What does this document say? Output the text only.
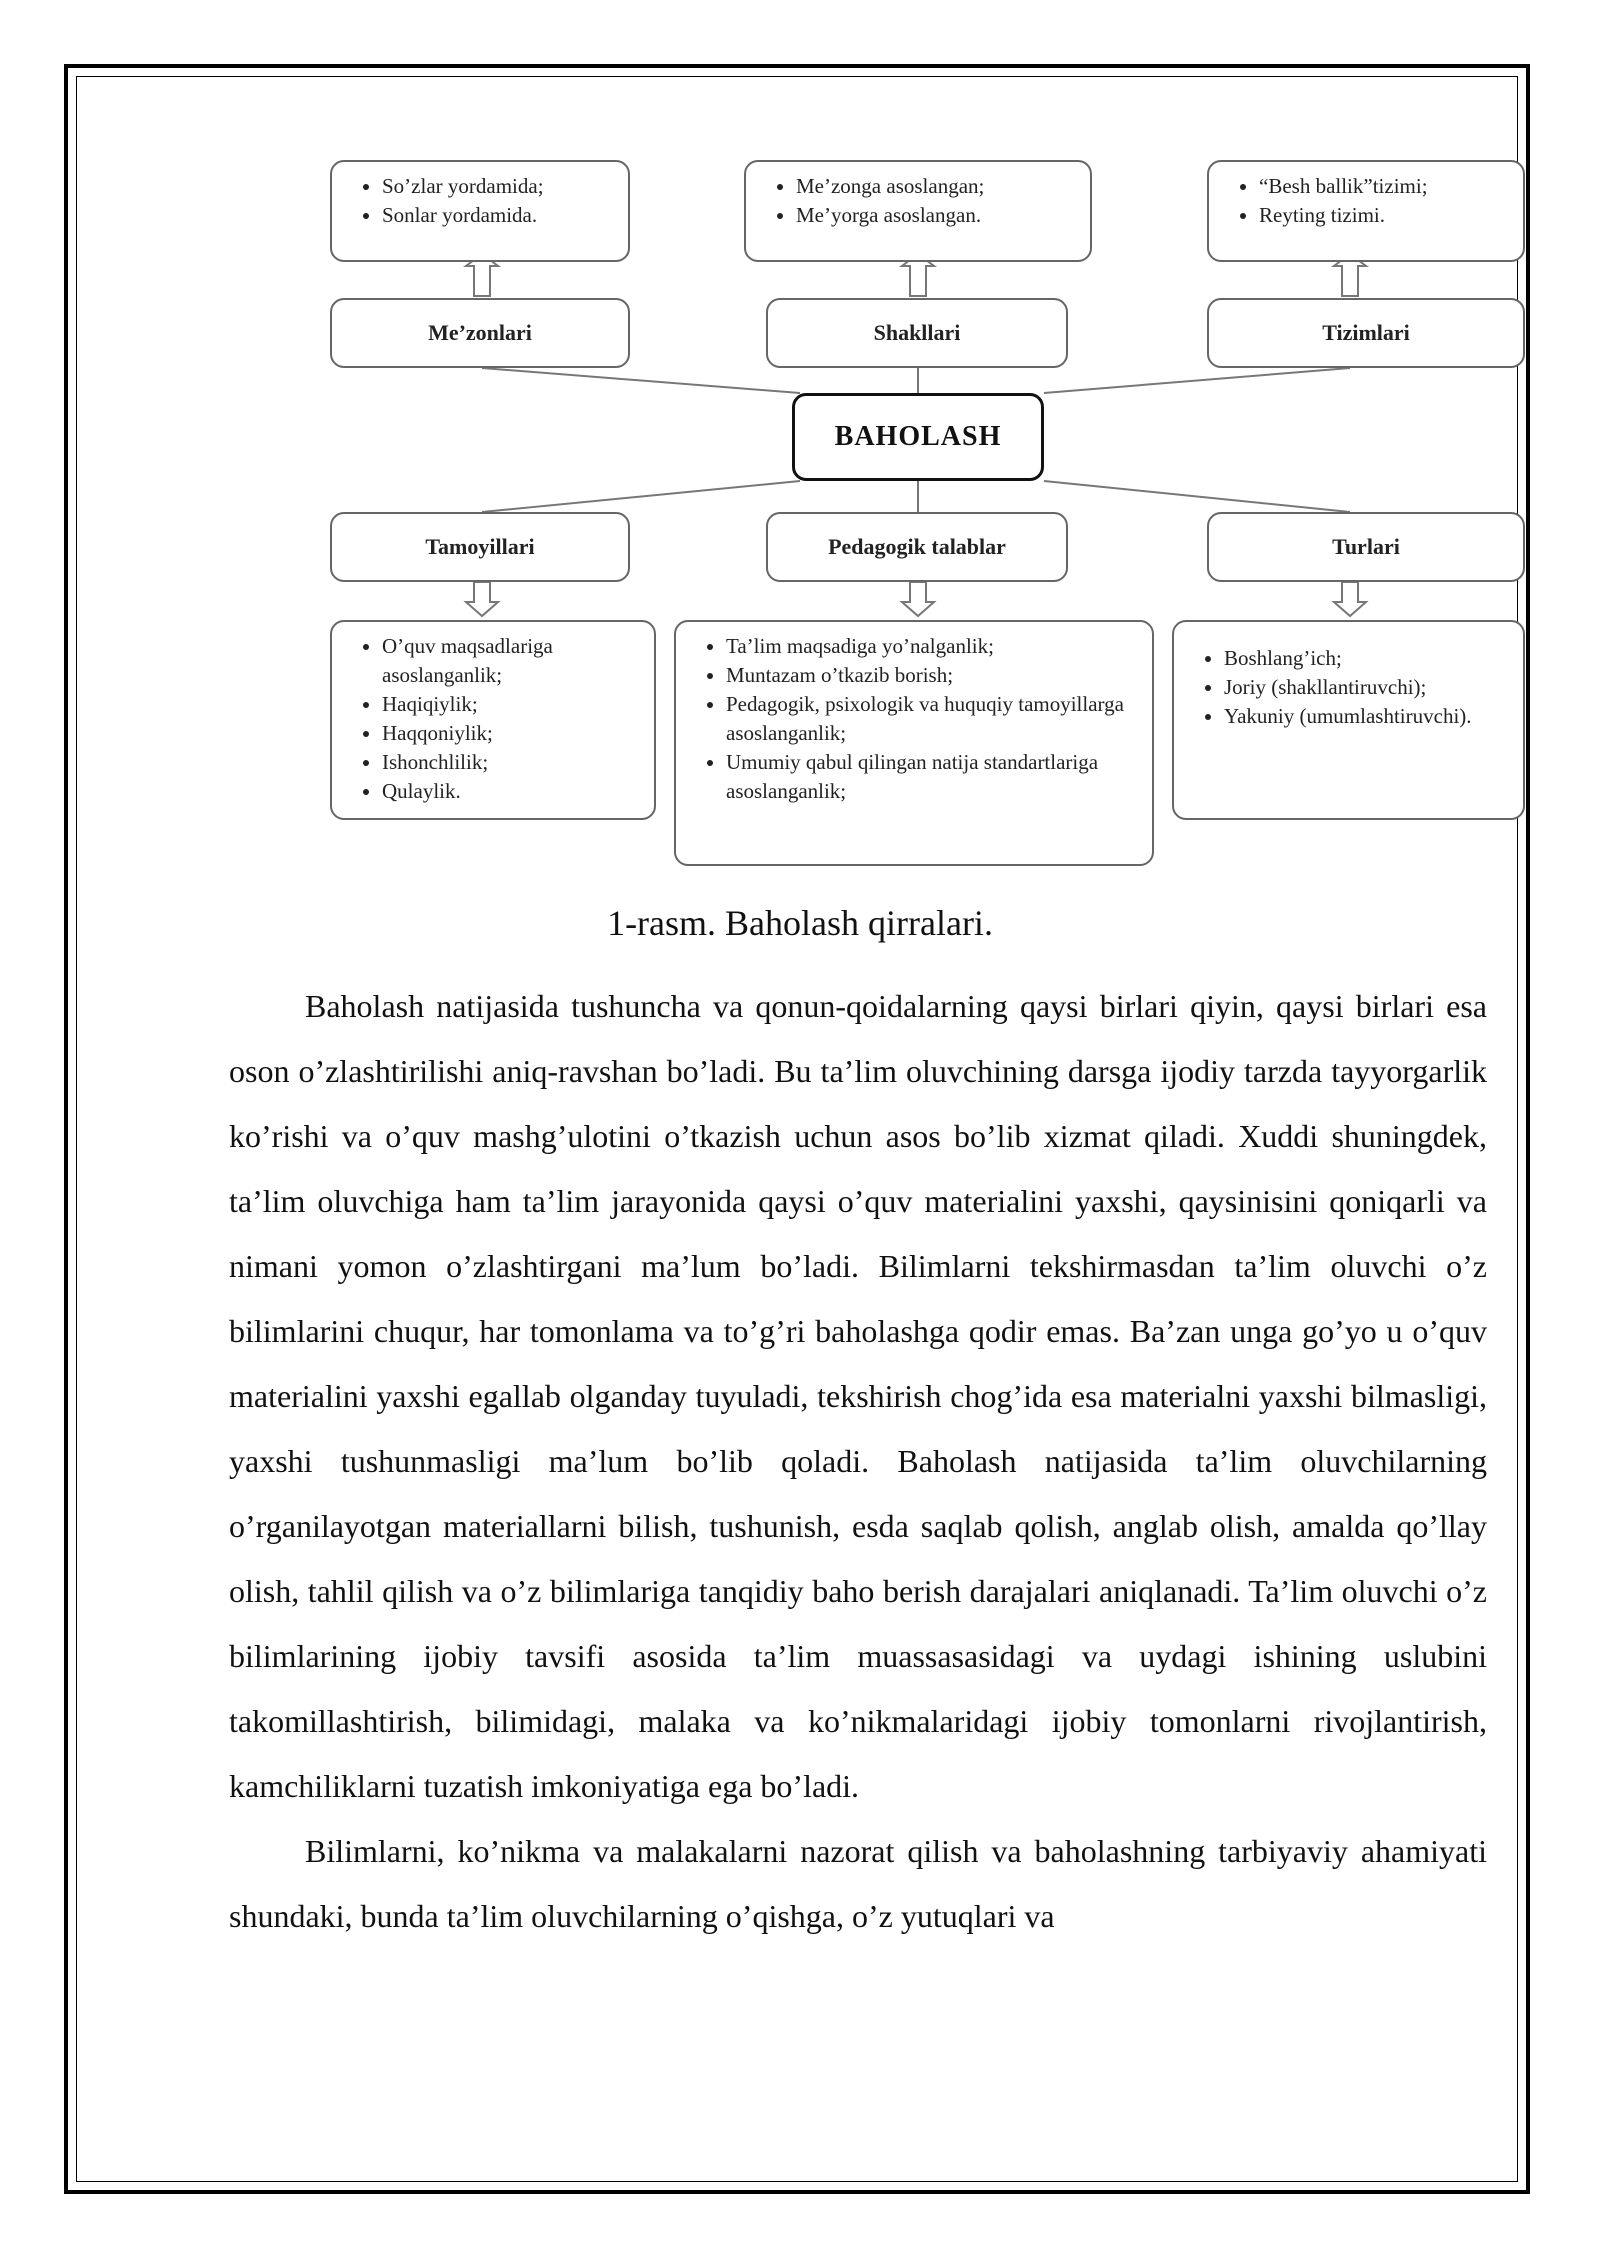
• So’zlar yordamida;
• Sonlar yordamida.
• Me’zonga asoslangan;
• Me’yorga asoslangan.
• “Besh ballik”tizimi;
• Reyting tizimi.
Me’zonlari	Shakllari	Tizimlari
BAHOLASH
Tamoyillari	Pedagogik talablar	Turlari
• O’quv maqsadlariga asoslanganlik;
• Haqiqiylik;
• Haqqoniylik;
• Ishonchlilik;
• Qulaylik.
• Ta’lim maqsadiga yo’nalganlik;
• Muntazam o’tkazib borish;
• Pedagogik, psixologik va huquqiy tamoyillarga asoslanganlik;
• Umumiy qabul qilingan natija standartlariga asoslanganlik;
• Boshlang’ich;
• Joriy (shakllantiruvchi);
• Yakuniy (umumlashtiruvchi).
1-rasm. Baholash qirralari.

Baholash natijasida tushuncha va qonun-qoidalarning qaysi birlari qiyin, qaysi birlari esa oson o’zlashtirilishi aniq-ravshan bo’ladi. Bu ta’lim oluvchining darsga ijodiy tarzda tayyorgarlik ko’rishi va o’quv mashg’ulotini o’tkazish uchun asos bo’lib xizmat qiladi. Xuddi shuningdek, ta’lim oluvchiga ham ta’lim jarayonida qaysi o’quv materialini yaxshi, qaysinisini qoniqarli va nimani yomon o’zlashtirgani ma’lum bo’ladi. Bilimlarni tekshirmasdan ta’lim oluvchi o’z bilimlarini chuqur, har tomonlama va to’g’ri baholashga qodir emas. Ba’zan unga go’yo u o’quv materialini yaxshi egallab olganday tuyuladi, tekshirish chog’ida esa materialni yaxshi bilmasligi, yaxshi tushunmasligi ma’lum bo’lib qoladi. Baholash natijasida ta’lim oluvchilarning o’rganilayotgan materiallarni bilish, tushunish, esda saqlab qolish, anglab olish, amalda qo’llay olish, tahlil qilish va o’z bilimlariga tanqidiy baho berish darajalari aniqlanadi. Ta’lim oluvchi o’z bilimlarining ijobiy tavsifi asosida ta’lim muassasasidagi va uydagi ishining uslubini takomillashtirish, bilimidagi, malaka va ko’nikmalaridagi ijobiy tomonlarni rivojlantirish, kamchiliklarni tuzatish imkoniyatiga ega bo’ladi.

Bilimlarni, ko’nikma va malakalarni nazorat qilish va baholashning tarbiyaviy ahamiyati shundaki, bunda ta’lim oluvchilarning o’qishga, o’z yutuqlari va
